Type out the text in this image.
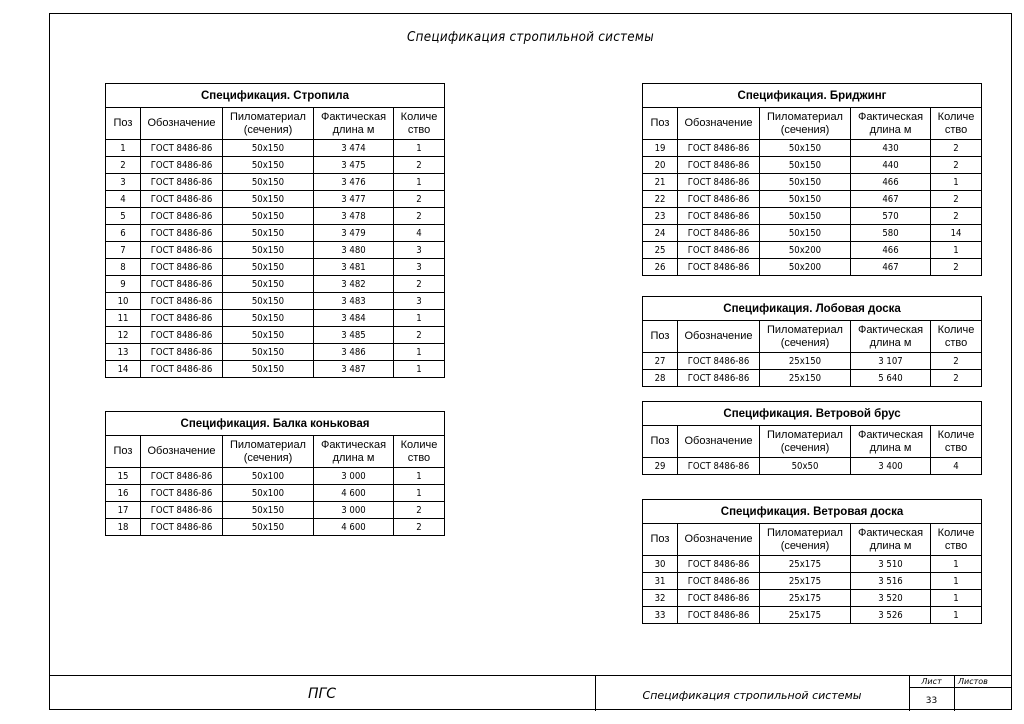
Спецификация стропильной системы
Спецификация. Стропила				
Поз	Обозначение	Пиломатериал (сечения)	Фактическая длина м	Количе ство
1	ГОСТ 8486-86	50х150	3 474	1
2	ГОСТ 8486-86	50х150	3 475	2
3	ГОСТ 8486-86	50х150	3 476	1
4	ГОСТ 8486-86	50х150	3 477	2
5	ГОСТ 8486-86	50х150	3 478	2
6	ГОСТ 8486-86	50х150	3 479	4
7	ГОСТ 8486-86	50х150	3 480	3
8	ГОСТ 8486-86	50х150	3 481	3
9	ГОСТ 8486-86	50х150	3 482	2
10	ГОСТ 8486-86	50х150	3 483	3
11	ГОСТ 8486-86	50х150	3 484	1
12	ГОСТ 8486-86	50х150	3 485	2
13	ГОСТ 8486-86	50х150	3 486	1
14	ГОСТ 8486-86	50х150	3 487	1
Спецификация. Балка коньковая				
Поз	Обозначение	Пиломатериал (сечения)	Фактическая длина м	Количе ство
15	ГОСТ 8486-86	50х100	3 000	1
16	ГОСТ 8486-86	50х100	4 600	1
17	ГОСТ 8486-86	50х150	3 000	2
18	ГОСТ 8486-86	50х150	4 600	2
Спецификация. Бриджинг				
Поз	Обозначение	Пиломатериал (сечения)	Фактическая длина м	Количе ство
19	ГОСТ 8486-86	50х150	430	2
20	ГОСТ 8486-86	50х150	440	2
21	ГОСТ 8486-86	50х150	466	1
22	ГОСТ 8486-86	50х150	467	2
23	ГОСТ 8486-86	50х150	570	2
24	ГОСТ 8486-86	50х150	580	14
25	ГОСТ 8486-86	50х200	466	1
26	ГОСТ 8486-86	50х200	467	2
Спецификация. Лобовая доска				
Поз	Обозначение	Пиломатериал (сечения)	Фактическая длина м	Количе ство
27	ГОСТ 8486-86	25х150	3 107	2
28	ГОСТ 8486-86	25х150	5 640	2
Спецификация. Ветровой брус				
Поз	Обозначение	Пиломатериал (сечения)	Фактическая длина м	Количе ство
29	ГОСТ 8486-86	50х50	3 400	4
Спецификация. Ветровая доска				
Поз	Обозначение	Пиломатериал (сечения)	Фактическая длина м	Количе ство
30	ГОСТ 8486-86	25х175	3 510	1
31	ГОСТ 8486-86	25х175	3 516	1
32	ГОСТ 8486-86	25х175	3 520	1
33	ГОСТ 8486-86	25х175	3 526	1
ПГС	Спецификация стропильной системы
Лист	Листов
33
